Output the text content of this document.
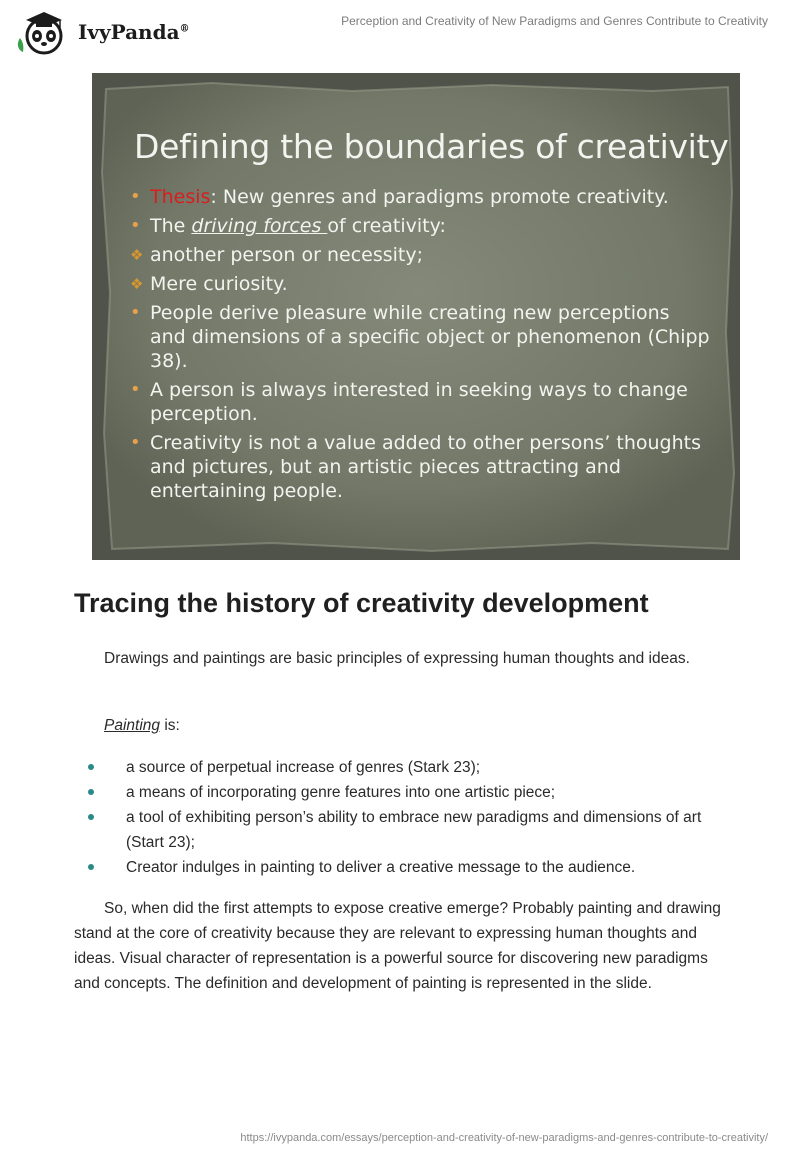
IvyPanda®
Perception and Creativity of New Paradigms and Genres Contribute to Creativity
Defining the boundaries of creativity
• Thesis: New genres and paradigms promote creativity.
• The driving forces of creativity:
❖ another person or necessity;
❖ Mere curiosity.
• People derive pleasure while creating new perceptions and dimensions of a specific object or phenomenon (Chipp 38).
• A person is always interested in seeking ways to change perception.
• Creativity is not a value added to other persons’ thoughts and pictures, but an artistic pieces attracting and entertaining people.
Tracing the history of creativity development

Drawings and paintings are basic principles of expressing human thoughts and ideas.

Painting is:

a source of perpetual increase of genres (Stark 23);
a means of incorporating genre features into one artistic piece;
a tool of exhibiting person’s ability to embrace new paradigms and dimensions of art (Start 23);
Creator indulges in painting to deliver a creative message to the audience.

So, when did the first attempts to expose creative emerge? Probably painting and drawing stand at the core of creativity because they are relevant to expressing human thoughts and ideas. Visual character of representation is a powerful source for discovering new paradigms and concepts. The definition and development of painting is represented in the slide.

https://ivypanda.com/essays/perception-and-creativity-of-new-paradigms-and-genres-contribute-to-creativity/
